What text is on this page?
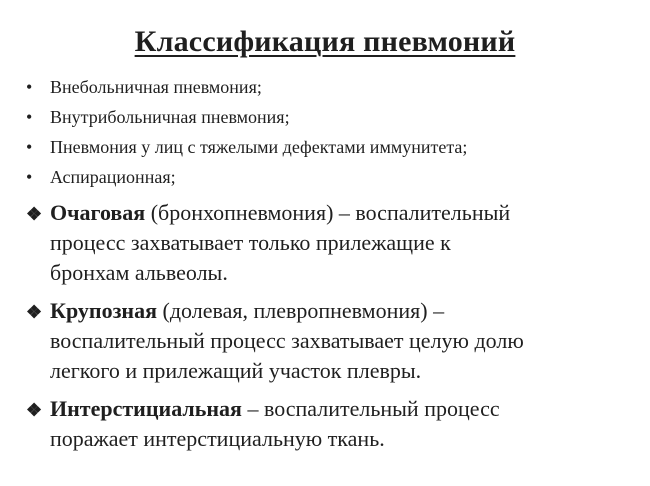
Классификация пневмоний
• Внебольничная пневмония;
• Внутрибольничная пневмония;
• Пневмония у лиц с тяжелыми дефектами иммунитета;
• Аспирационная;
❖ Очаговая (бронхопневмония) – воспалительный
процесс захватывает только прилежащие к
бронхам альвеолы.
❖ Крупозная (долевая, плевропневмония) –
воспалительный процесс захватывает целую долю
легкого и прилежащий участок плевры.
❖ Интерстициальная – воспалительный процесс
поражает интерстициальную ткань.
